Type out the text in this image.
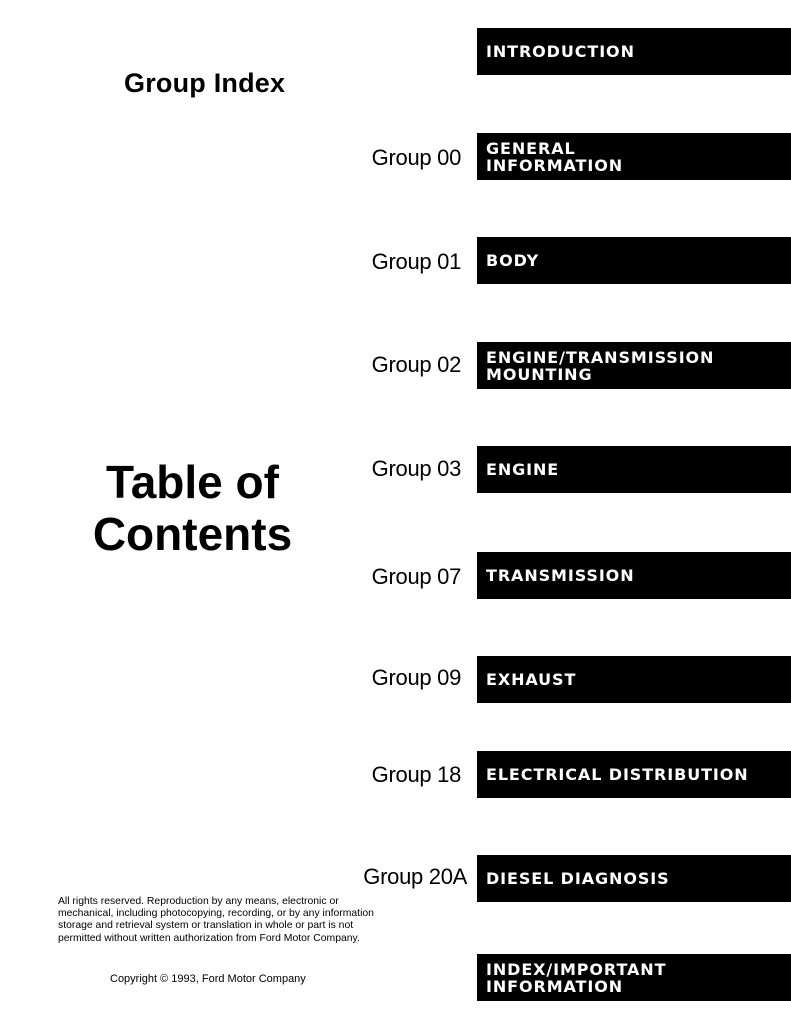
Group Index
Table of
Contents
INTRODUCTION
Group 00 GENERAL
INFORMATION
Group 01 BODY
Group 02 ENGINE/TRANSMISSION
MOUNTING
Group 03 ENGINE
Group 07 TRANSMISSION
Group 09 EXHAUST
Group 18 ELECTRICAL DISTRIBUTION
Group 20A DIESEL DIAGNOSIS
INDEX/IMPORTANT
INFORMATION
All rights reserved. Reproduction by any means, electronic or mechanical, including photocopying, recording, or by any information storage and retrieval system or translation in whole or part is not permitted without written authorization from Ford Motor Company.
Copyright © 1993, Ford Motor Company
